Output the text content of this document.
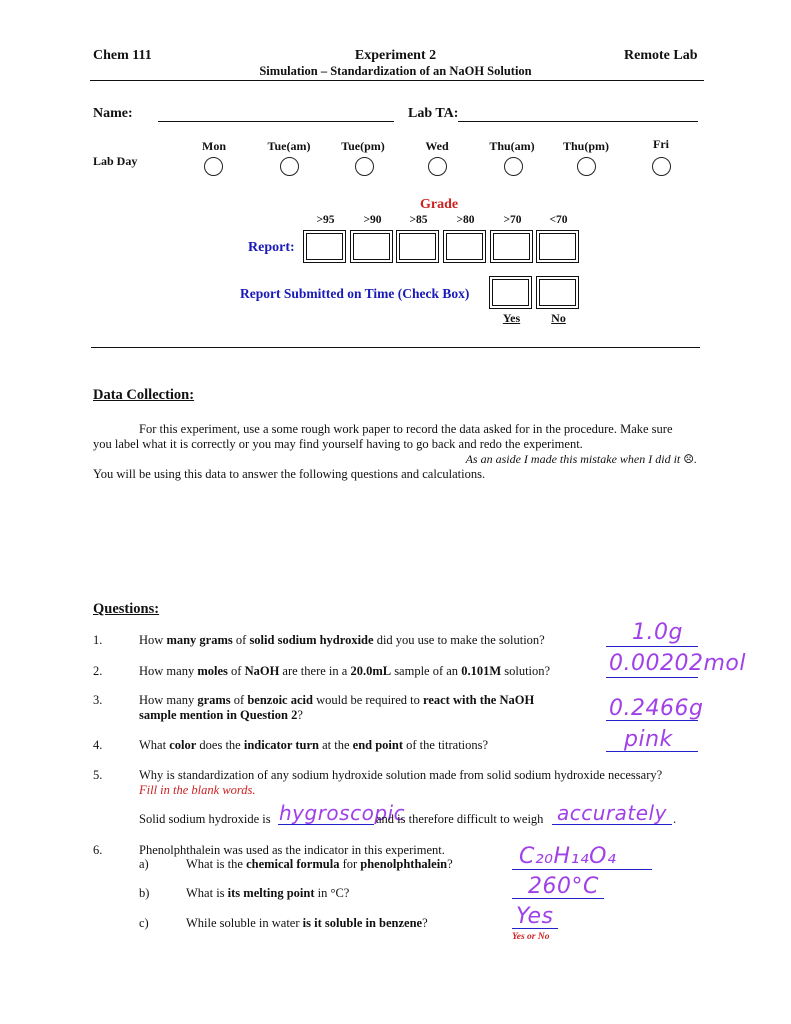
Chem 111	Experiment 2
Simulation – Standardization of an NaOH Solution
Remote Lab
Name:	Lab TA:
Lab Day
Mon	Tue(am)	Tue(pm)	Wed	Thu(am)	Thu(pm)	Fri
Grade
>95	>90	>85	>80	>70	<70
Report:
Report Submitted on Time (Check Box)
Yes	No
Data Collection:
For this experiment, use a some rough work paper to record the data asked for in the procedure. Make sure
you label what it is correctly or you may find yourself having to go back and redo the experiment.
As an aside I made this mistake when I did it ☹.
You will be using this data to answer the following questions and calculations.
Questions:
1.	How many grams of solid sodium hydroxide did you use to make the solution?	1.0g
2.	How many moles of NaOH are there in a 20.0mL sample of an 0.101M solution?	0.00202mol
3.	How many grams of benzoic acid would be required to react with the NaOH
sample mention in Question 2?	0.2466g
4.	What color does the indicator turn at the end point of the titrations?	pink
5.	Why is standardization of any sodium hydroxide solution made from solid sodium hydroxide necessary?
Fill in the blank words.
Solid sodium hydroxide is hygroscopic
and is therefore difficult to weigh accurately .
6.	Phenolphthalein was used as the indicator in this experiment.
a)	What is the chemical formula for phenolphthalein?	C₂₀H₁₄O₄
b)	What is its melting point in °C?	260°C
c)	While soluble in water is it soluble in benzene?	Yes
Yes or No
